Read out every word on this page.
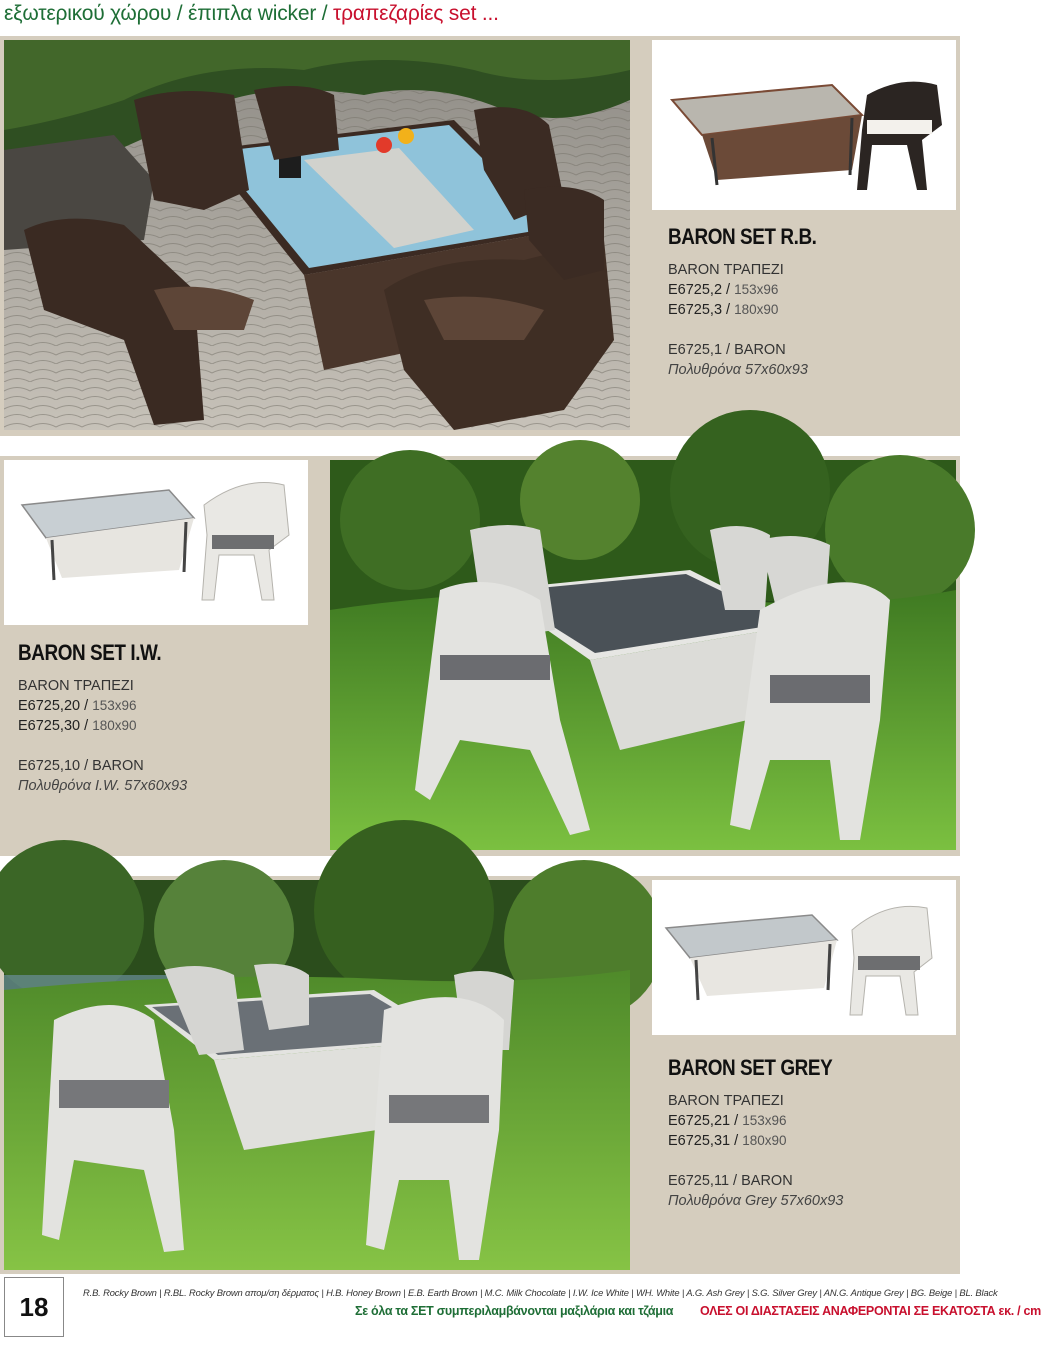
εξωτερικού χώρου / έπιπλα wicker / τραπεζαρίες set ...
BARON SET R.B.
BARON ΤΡΑΠΕΖΙ
E6725,2 / 153x96
E6725,3 / 180x90
E6725,1 / BARON
Πολυθρόνα 57x60x93
BARON SET I.W.
BARON ΤΡΑΠΕΖΙ
E6725,20 / 153x96
E6725,30 / 180x90
E6725,10 / BARON
Πολυθρόνα I.W. 57x60x93
BARON SET GREY
BARON ΤΡΑΠΕΖΙ
E6725,21 / 153x96
E6725,31 / 180x90
E6725,11 / BARON
Πολυθρόνα Grey 57x60x93
18	R.B. Rocky Brown | R.BL. Rocky Brown απομ/ση δέρματος | H.B. Honey Brown | E.B. Earth Brown | M.C. Milk Chocolate | I.W. Ice White | WH. White | A.G. Ash Grey | S.G. Silver Grey | AN.G. Antique Grey | BG. Beige | BL. Black
Σε όλα τα ΣΕΤ συμπεριλαμβάνονται μαξιλάρια και τζάμια ΟΛΕΣ ΟΙ ΔΙΑΣΤΑΣΕΙΣ ΑΝΑΦΕΡΟΝΤΑΙ ΣΕ ΕΚΑΤΟΣΤΑ εκ. / cm
